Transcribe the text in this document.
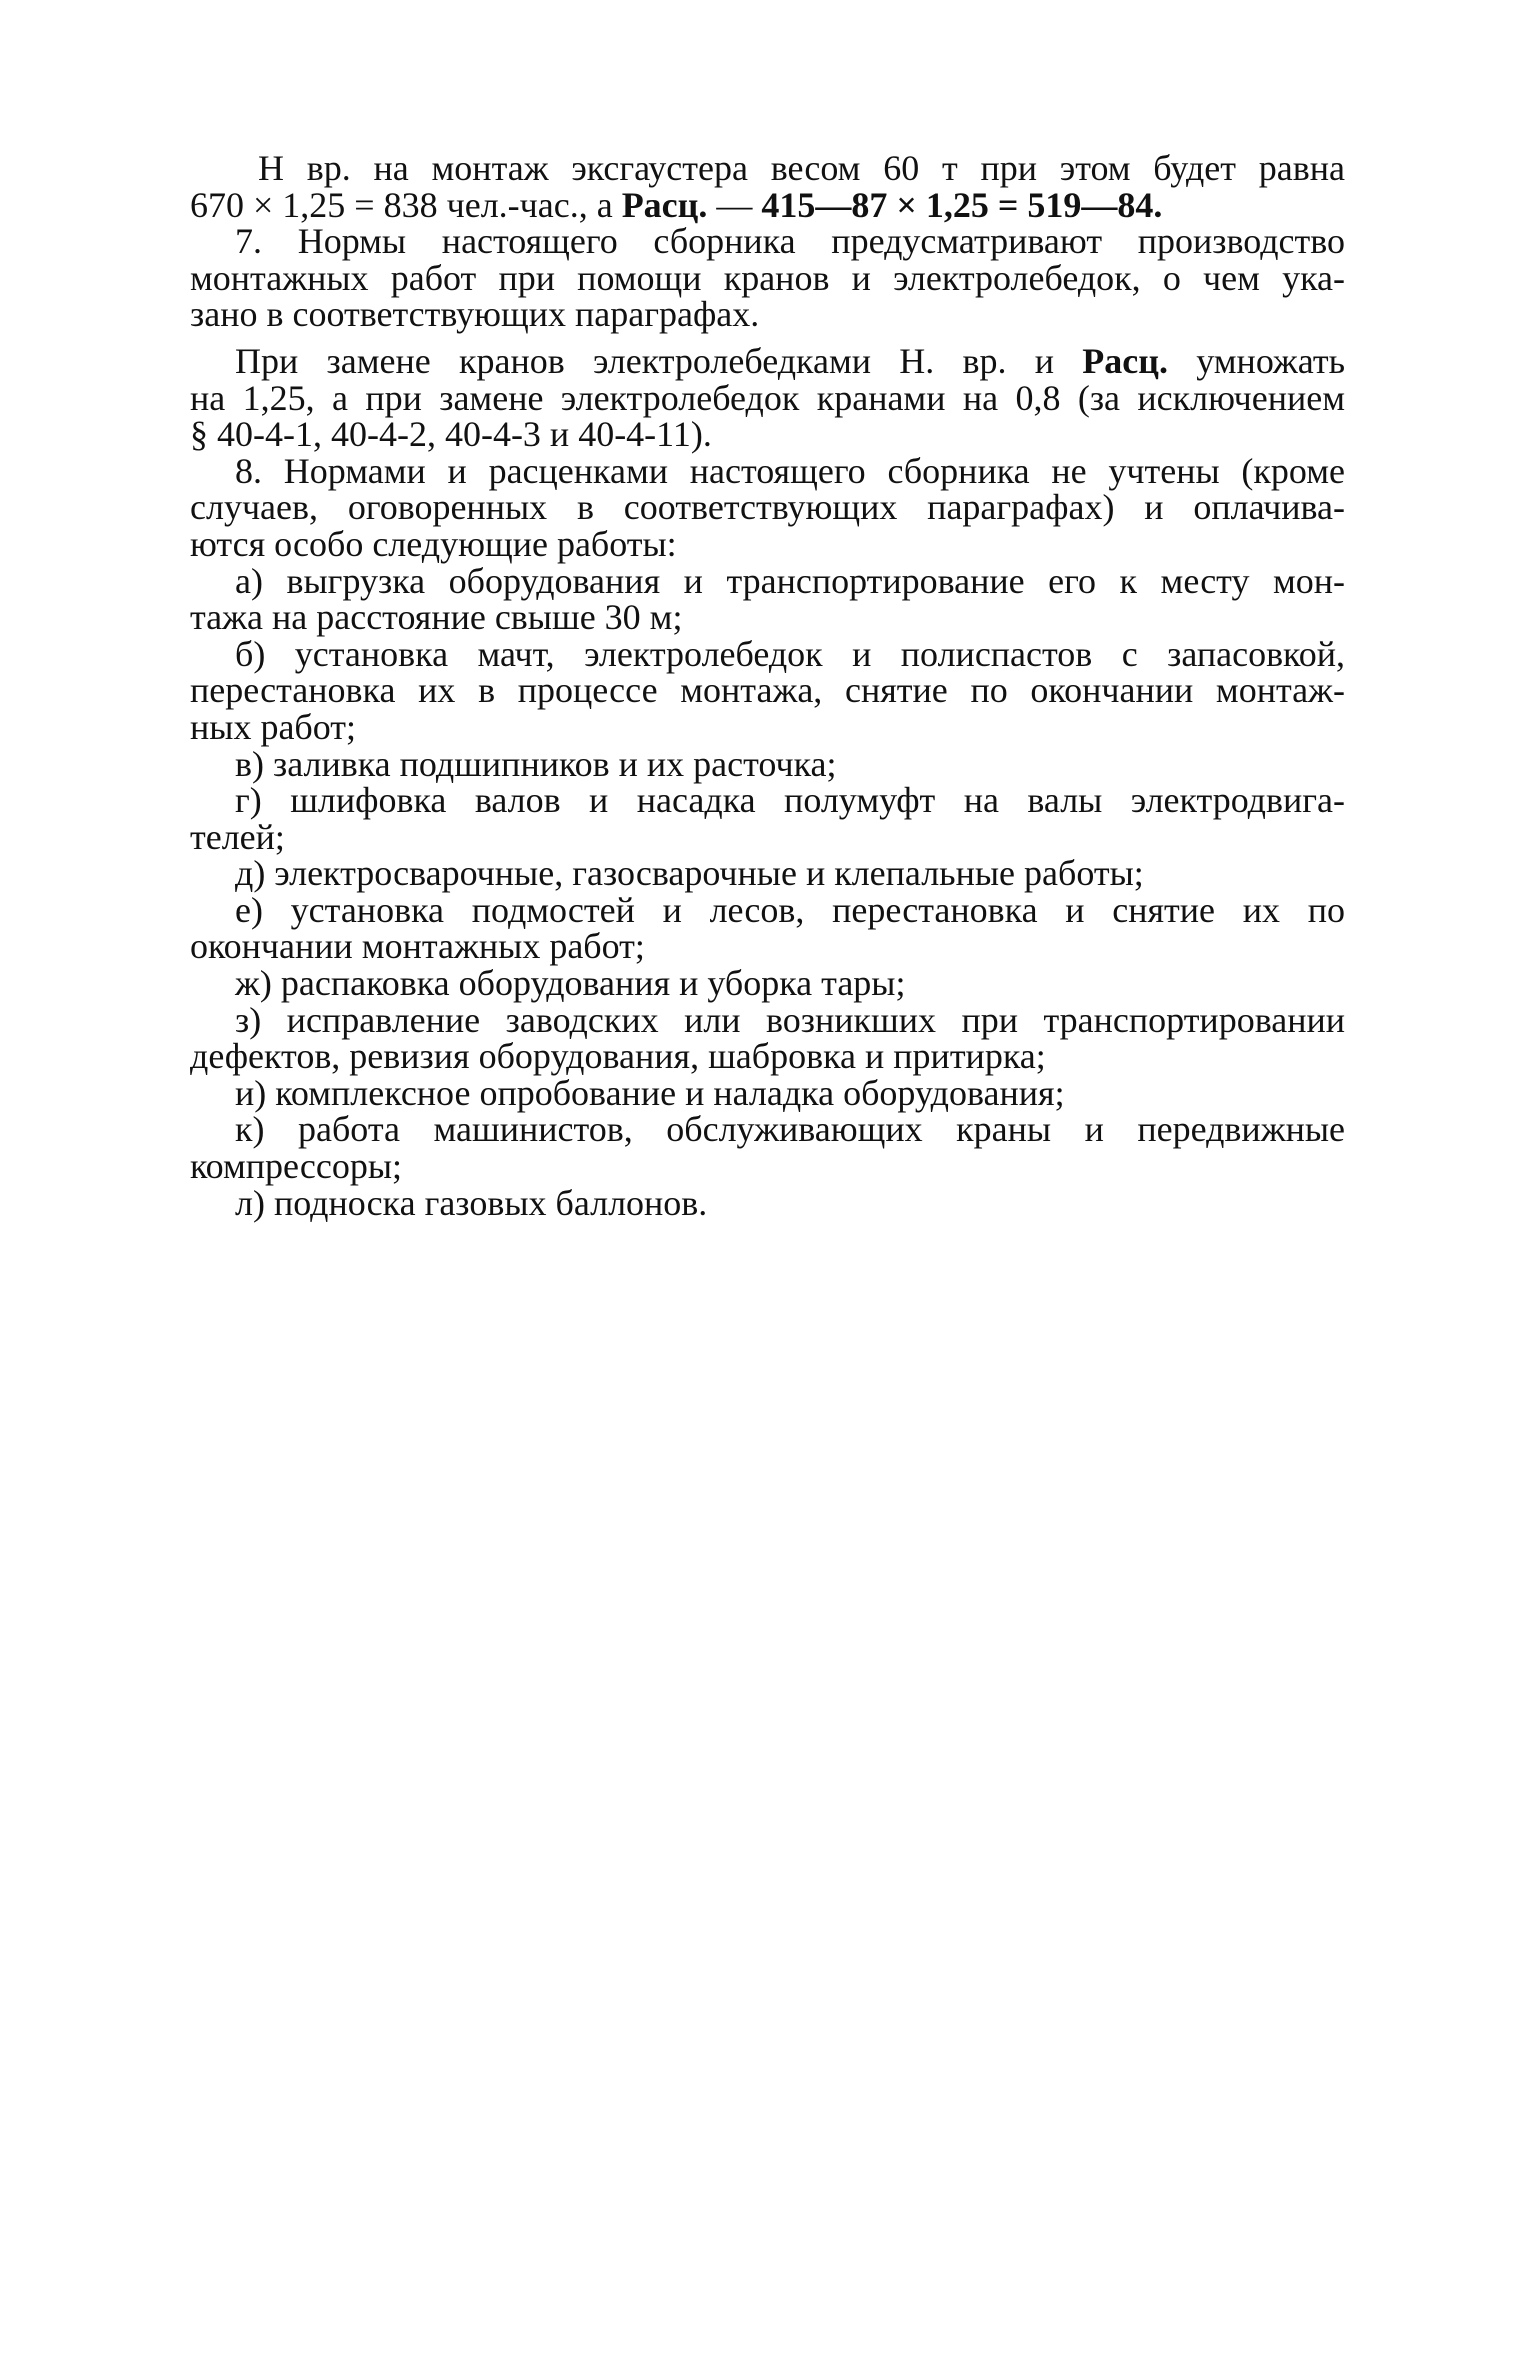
Н вр. на монтаж эксгаустера весом 60 т при этом будет равна
670 × 1,25 = 838 чел.-час., а Расц. — 415—87 × 1,25 = 519—84.
7. Нормы настоящего сборника предусматривают производство
монтажных работ при помощи кранов и электролебедок, о чем ука-
зано в соответствующих параграфах.
При замене кранов электролебедками Н. вр. и Расц. умножать
на 1,25, а при замене электролебедок кранами на 0,8 (за исключением
§ 40-4-1, 40-4-2, 40-4-3 и 40-4-11).
8. Нормами и расценками настоящего сборника не учтены (кроме
случаев, оговоренных в соответствующих параграфах) и оплачива-
ются особо следующие работы:
а) выгрузка оборудования и транспортирование его к месту мон-
тажа на расстояние свыше 30 м;
б) установка мачт, электролебедок и полиспастов с запасовкой,
перестановка их в процессе монтажа, снятие по окончании монтаж-
ных работ;
в) заливка подшипников и их расточка;
г) шлифовка валов и насадка полумуфт на валы электродвига-
телей;
д) электросварочные, газосварочные и клепальные работы;
е) установка подмостей и лесов, перестановка и снятие их по
окончании монтажных работ;
ж) распаковка оборудования и уборка тары;
з) исправление заводских или возникших при транспортировании
дефектов, ревизия оборудования, шабровка и притирка;
и) комплексное опробование и наладка оборудования;
к) работа машинистов, обслуживающих краны и передвижные
компрессоры;
л) подноска газовых баллонов.
